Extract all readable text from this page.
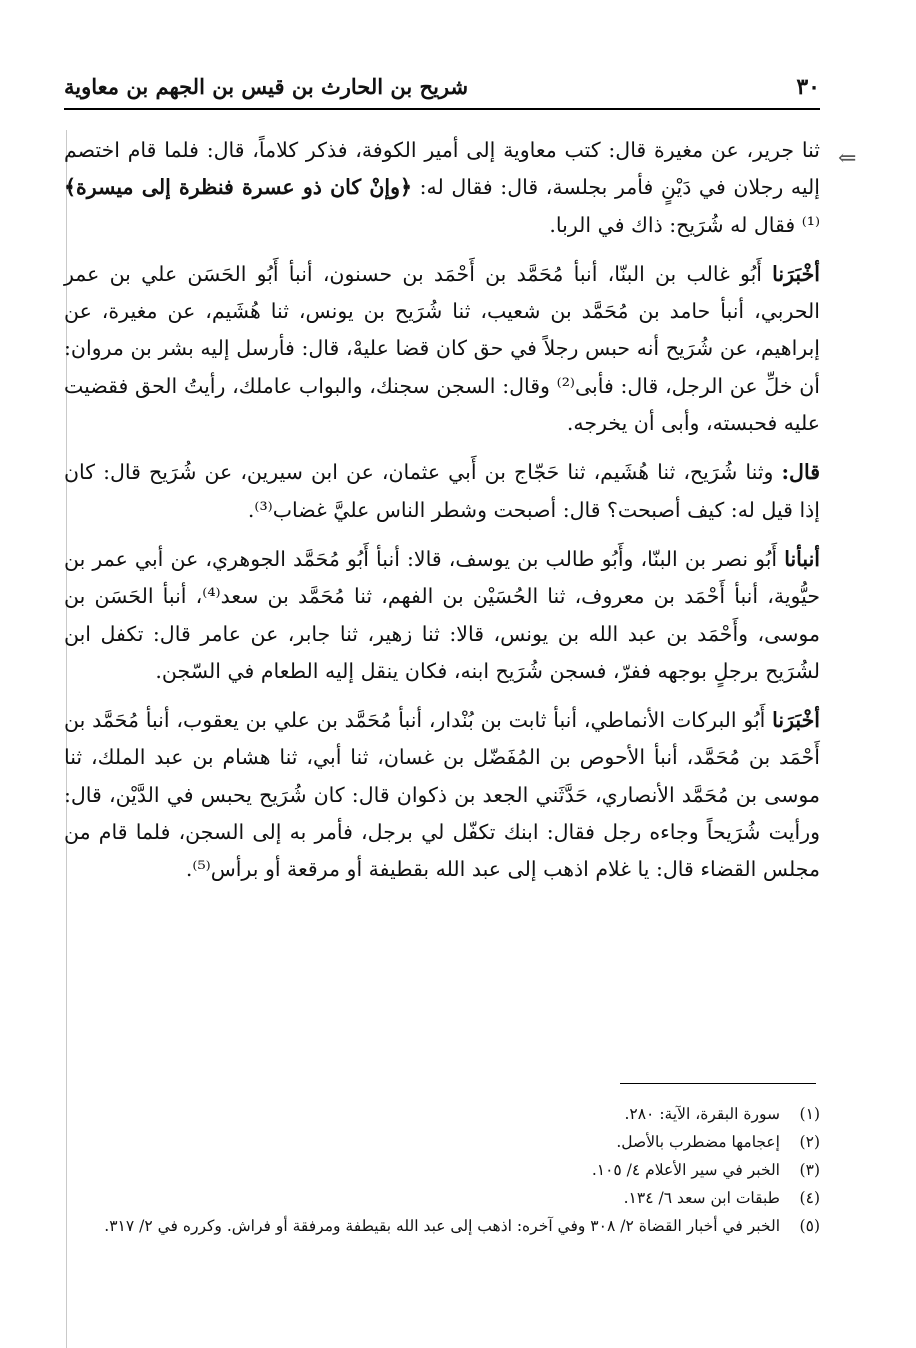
٣٠
شريح بن الحارث بن قيس بن الجهم بن معاوية
⇐

ثنا جرير، عن مغيرة قال: كتب معاوية إلى أمير الكوفة، فذكر كلاماً، قال: فلما قام اختصم إليه رجلان في دَيْنٍ فأمر بجلسة، قال: فقال له: ﴿وإنْ كان ذو عسرة فنظرة إلى ميسرة﴾⁽¹⁾ فقال له شُرَيح: ذاك في الربا.

أخْبَرَنا أَبُو غالب بن البنّا، أنبأ مُحَمَّد بن أَحْمَد بن حسنون، أنبأ أَبُو الحَسَن علي بن عمر الحربي، أنبأ حامد بن مُحَمَّد بن شعيب، ثنا شُرَيح بن يونس، ثنا هُشَيم، عن مغيرة، عن إبراهيم، عن شُرَيح أنه حبس رجلاً في حق كان قضا عليهْ، قال: فأرسل إليه بشر بن مروان: أن خلِّ عن الرجل، قال: فأبى⁽²⁾ وقال: السجن سجنك، والبواب عاملك، رأيتُ الحق فقضيت عليه فحبسته، وأبى أن يخرجه.

قال: وثنا شُرَيح، ثنا هُشَيم، ثنا حَجّاج بن أَبي عثمان، عن ابن سيرين، عن شُرَيح قال: كان إذا قيل له: كيف أصبحت؟ قال: أصبحت وشطر الناس عليَّ غضاب⁽³⁾.

أنبأنا أَبُو نصر بن البنّا، وأَبُو طالب بن يوسف، قالا: أنبأ أَبُو مُحَمَّد الجوهري، عن أبي عمر بن حيُّوية، أنبأ أَحْمَد بن معروف، ثنا الحُسَيْن بن الفهم، ثنا مُحَمَّد بن سعد⁽⁴⁾، أنبأ الحَسَن بن موسى، وأَحْمَد بن عبد الله بن يونس، قالا: ثنا زهير، ثنا جابر، عن عامر قال: تكفل ابن لشُرَيح برجلٍ بوجهه ففرّ، فسجن شُرَيح ابنه، فكان ينقل إليه الطعام في السّجن.

أخْبَرَنا أَبُو البركات الأنماطي، أنبأ ثابت بن بُنْدار، أنبأ مُحَمَّد بن علي بن يعقوب، أنبأ مُحَمَّد بن أَحْمَد بن مُحَمَّد، أنبأ الأحوص بن المُفَضّل بن غسان، ثنا أبي، ثنا هشام بن عبد الملك، ثنا موسى بن مُحَمَّد الأنصاري، حَدَّثَني الجعد بن ذكوان قال: كان شُرَيح يحبس في الدَّيْن، قال: ورأيت شُرَيحاً وجاءه رجل فقال: ابنك تكفّل لي برجل، فأمر به إلى السجن، فلما قام من مجلس القضاء قال: يا غلام اذهب إلى عبد الله بقطيفة أو مرقعة أو برأس⁽⁵⁾.

(١)
سورة البقرة، الآية: ٢٨٠.
(٢)
إعجامها مضطرب بالأصل.
(٣)
الخبر في سير الأعلام ٤/ ١٠٥.
(٤)
طبقات ابن سعد ٦/ ١٣٤.
(٥)
الخبر في أخبار القضاة ٢/ ٣٠٨ وفي آخره: اذهب إلى عبد الله بقيطفة ومرفقة أو فراش. وكرره في ٢/ ٣١٧.
